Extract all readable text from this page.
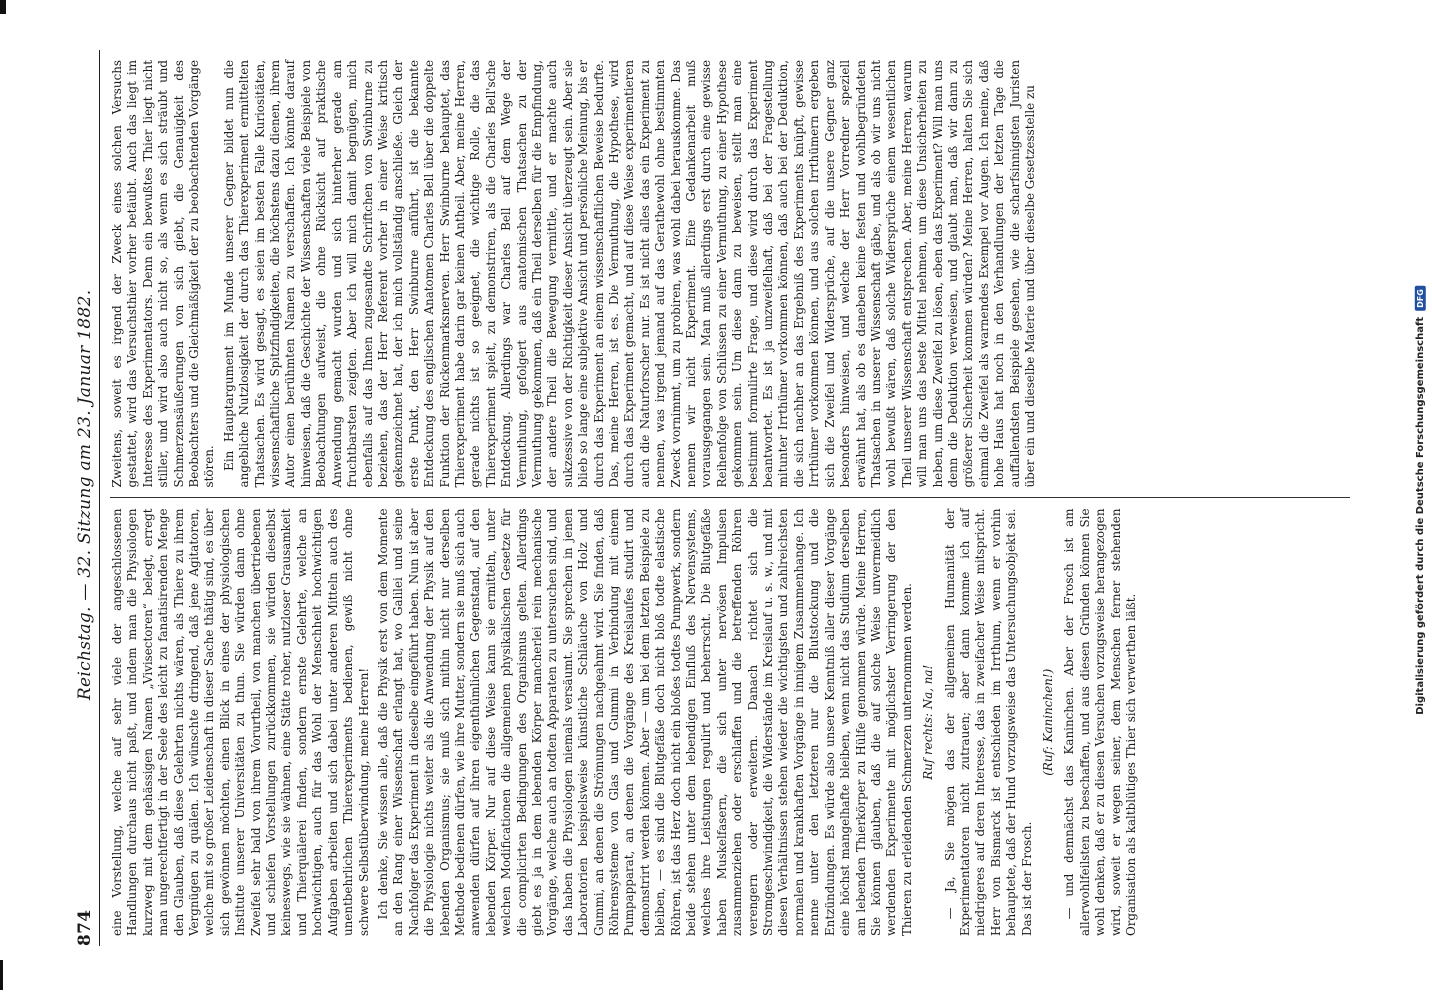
874
Reichstag. — 32. Sitzung am 23. Januar 1882.

eine Vorstellung, welche auf sehr viele der angeschlossenen Handlungen durchaus nicht paßt, und indem man die Physiologen kurzweg mit dem gehässigen Namen „Vivisectoren“ belegt, erregt man ungerechtfertigt in der Seele des leicht zu fanatisirenden Menge den Glauben, daß diese Gelehrten nichts wären, als Thiere zu ihrem Vergnügen zu quälen. Ich wünschte dringend, daß jene Agitatoren, welche mit so großer Leidenschaft in dieser Sache thätig sind, es über sich gewönnen möchten, einen Blick in eines der physiologischen Institute unserer Universitäten zu thun. Sie würden dann ohne Zweifel sehr bald von ihrem Vorurtheil, von manchen übertriebenen und schiefen Vorstellungen zurückkommen, sie würden dieselbst keineswegs, wie sie wähnen, eine Stätte roher, nutzloser Grausamkeit und Thierquälerei finden, sondern ernste Gelehrte, welche an hochwichtigen, auch für das Wohl der Menschheit hochwichtigen Aufgaben arbeiten und sich dabei unter anderen Mitteln auch des unentbehrlichen Thierexperiments bedienen, gewiß nicht ohne schwere Selbstüberwindung, meine Herren! Ich denke, Sie wissen alle, daß die Physik erst von dem Momente an den Rang einer Wissenschaft erlangt hat, wo Galilei und seine Nachfolger das Experiment in dieselbe eingeführt haben. Nun ist aber die Physiologie nichts weiter als die Anwendung der Physik auf den lebenden Organismus; sie muß sich mithin nicht nur derselben Methode bedienen dürfen, wie ihre Mutter, sondern sie muß sich auch anwenden dürfen auf ihren eigenthümlichen Gegenstand, auf den lebenden Körper. Nur auf diese Weise kann sie ermitteln, unter welchen Modificationen die allgemeinen physikalischen Gesetze für die complicirten Bedingungen des Organismus gelten. Allerdings giebt es ja in dem lebenden Körper mancherlei rein mechanische Vorgänge, welche auch an todten Apparaten zu untersuchen sind, und das haben die Physiologen niemals versäumt. Sie sprechen in jenen Laboratorien beispielsweise künstliche Schläuche von Holz und Gummi, an denen die Strömungen nachgeahmt wird. Sie finden, daß Röhrensysteme von Glas und Gummi in Verbindung mit einem Pumpapparat, an denen die Vorgänge des Kreislaufes studirt und demonstrirt werden können. Aber — um bei dem letzten Beispiele zu bleiben, — es sind die Blutgefäße doch nicht bloß todte elastische Röhren, ist das Herz doch nicht ein bloßes todtes Pumpwerk, sondern beide stehen unter dem lebendigen Einfluß des Nervensystems, welches ihre Leistungen regulirt und beherrscht. Die Blutgefäße haben Muskelfasern, die sich unter nervösen Impulsen zusammenziehen oder erschlaffen und die betreffenden Röhren verengern oder erweitern. Danach richtet sich die Stromgeschwindigkeit, die Widerstände im Kreislauf u. s. w., und mit diesen Verhältnissen stehen wieder die wichtigsten und zahlreichsten normalen und krankhaften Vorgänge in innigem Zusammenhange. Ich nenne unter den letzteren nur die Blutstockung und die Entzündungen. Es würde also unsere Kenntniß aller dieser Vorgänge eine höchst mangelhafte bleiben, wenn nicht das Studium derselben am lebenden Thierkörper zu Hülfe genommen würde. Meine Herren, Sie können glauben, daß die auf solche Weise unvermeidlich werdenden Experimente mit möglichster Verringerung der den Thieren zu erleidenden Schmerzen unternommen werden. Ruf rechts: Na, na! — Ja, Sie mögen das der allgemeinen Humanität der Experimentatoren nicht zutrauen; aber dann komme ich auf niedrigeres auf deren Interesse, das in zweifacher Weise mitspricht. Herr von Bismarck ist entschieden im Irrthum, wenn er vorhin behauptete, daß der Hund vorzugsweise das Untersuchungsobjekt sei. Das ist der Frosch.

(Ruf: Kaninchen!) — und demnächst das Kaninchen. Aber der Frosch ist am allerwohlfeilsten zu beschaffen, und aus diesen Gründen können Sie wohl denken, daß er zu diesen Versuchen vorzugsweise herangezogen wird, soweit er wegen seiner, dem Menschen ferner stehenden Organisation als kaltblütiges Thier sich verwerthen läßt.

Zweitens, soweit es irgend der Zweck eines solchen Versuchs gestattet, wird das Versuchsthier vorher betäubt. Auch das liegt im Interesse des Experimentators. Denn ein bewußtes Thier liegt nicht stiller, und wird also auch nicht so, als wenn es sich sträubt und Schmerzensäußerungen von sich giebt, die Genauigkeit des Beobachters und die Gleichmäßigkeit der zu beobachtenden Vorgänge stören. Ein Hauptargument im Munde unserer Gegner bildet nun die angebliche Nutzlosigkeit der durch das Thierexperiment ermittelten Thatsachen. Es wird gesagt, es seien im besten Falle Kuriositäten, wissenschaftliche Spitzfindigkeiten, die höchstens dazu dienen, ihrem Autor einen berühmten Namen zu verschaffen. Ich könnte darauf hinweisen, daß die Geschichte der Wissenschaften viele Beispiele von Beobachtungen aufweist, die ohne Rücksicht auf praktische Anwendung gemacht wurden und sich hinterher gerade am fruchtbarsten zeigten. Aber ich will mich damit begnügen, mich ebenfalls auf das Ihnen zugesandte Schriftchen von Swinburne zu beziehen, das der Herr Referent vorher in einer Weise kritisch gekennzeichnet hat, der ich mich vollständig anschließe. Gleich der erste Punkt, den Herr Swinburne anführt, ist die bekannte Entdeckung des englischen Anatomen Charles Bell über die doppelte Funktion der Rückenmarksnerven. Herr Swinburne behauptet, das Thierexperiment habe darin gar keinen Antheil. Aber, meine Herren, gerade nichts ist so geeignet, die wichtige Rolle, die das Thierexperiment spielt, zu demonstriren, als die Charles Bell'sche Entdeckung. Allerdings war Charles Bell auf dem Wege der Vermuthung, gefolgert aus anatomischen Thatsachen zu der Vermuthung gekommen, daß ein Theil derselben für die Empfindung, der andere Theil die Bewegung vermittle, und er machte auch sukzessive von der Richtigkeit dieser Ansicht überzeugt sein. Aber sie blieb so lange eine subjektive Ansicht und persönliche Meinung, bis er durch das Experiment an einem wissenschaftlichen Beweise bedurfte. Das, meine Herren, ist es. Die Vermuthung, die Hypothese, wird durch das Experiment gemacht, und auf diese Weise experimentieren auch die Naturforscher nur. Es ist nicht alles das ein Experiment zu nennen, was irgend jemand auf das Gerathewohl ohne bestimmten Zweck vornimmt, um zu probiren, was wohl dabei herauskomme. Das nennen wir nicht Experiment. Eine Gedankenarbeit muß vorausgegangen sein. Man muß allerdings erst durch eine gewisse Reihenfolge von Schlüssen zu einer Vermuthung, zu einer Hypothese gekommen sein. Um diese dann zu beweisen, stellt man eine bestimmt formulirte Frage, und diese wird durch das Experiment beantwortet. Es ist ja unzweifelhaft, daß bei der Fragestellung mitunter Irrthümer vorkommen können, daß auch bei der Deduktion, die sich nachher an das Ergebniß des Experiments knüpft, gewisse Irrthümer vorkommen können, und aus solchen Irrthümern ergeben sich die Zweifel und Widersprüche, auf die unsere Gegner ganz besonders hinweisen, und welche der Herr Vorredner speziell erwähnt hat, als ob es daneben keine festen und wohlbegründeten Thatsachen in unserer Wissenschaft gäbe, und als ob wir uns nicht wohl bewußt wären, daß solche Widersprüche einem wesentlichen Theil unserer Wissenschaft entsprechen. Aber, meine Herren, warum will man uns das beste Mittel nehmen, um diese Unsicherheiten zu heben, um diese Zweifel zu lösen, eben das Experiment? Will man uns denn die Deduktion verweisen, und glaubt man, daß wir dann zu größerer Sicherheit kommen würden? Meine Herren, halten Sie sich einmal die Zweifel als warnendes Exempel vor Augen. Ich meine, daß hohe Haus hat noch in den Verhandlungen der letzten Tage die auffallendsten Beispiele gesehen, wie die scharfsinnigsten Juristen über ein und dieselbe Materie und über dieselbe Gesetzesstelle zu

Digitalisierung gefördert durch die Deutsche Forschungsgemeinschaft
DFG
